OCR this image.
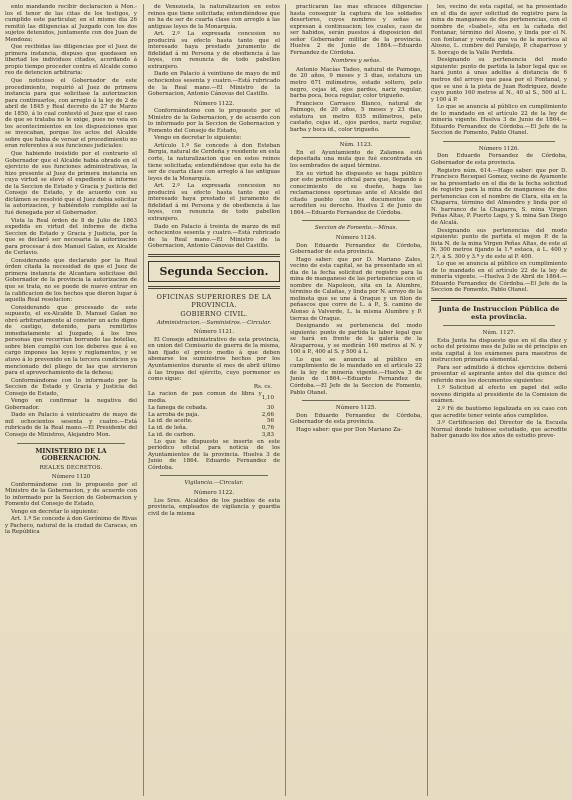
ento mandando recibir declaracion á Mon.-los el tenor de las citas de los testigos, y cumplido este particular, en el mismo dia 26 remitió las diligencias al Juzgado con los dos sujetos detenidos, juntamente con dos Juan de Mendoza;

Que recibidas las diligencias por el Juez de primera instancia, dispuso que quedasen en libertad los individuos citados, acordando á propio tiempo proceder contra el Alcalde como reo de detencion arbitraria:

Que noticioso el Gobernador de este procedimiento, requirió al Juez de primera instancia para que solicitase la autorizacion para continuarlos, con arreglo á la ley de 2 de abril de 1845 y Real decreto de 27 de Marzo de 1850, á lo cual contestó el Juez que el caso de que se trataba no le exige, pues no veia en los acontecimientos en los dispusiciones que se invocaban, porque los actos del Alcalde sobre que habia de versar el procedimiento no eran referentes á sus funciones judiciales:

Que habiendo insistido por el contrario el Gobernador que el Alcalde habia obrado en el ejercicio de sus funciones administrativas, la hizo presente al Juez de primera instancia en cuya virtud se elevó el expediente á informe de la Seccion de Estado y Gracia y Justicia del Consejo de Estado, y de acuerdo con su dictámen se resolvió que el Juez debia solicitar la autorizacion, y habiéndolo cumplido así la fué denegada por el Gobernador.

Vista la Real órden de 8 de Julio de 1863 expedida en virtud del informe de dicha Seccion de Estado y Gracia y Justicia, por la que se declaró ser necesaria la autorizacion para procesar á dos Manuel Galan, ex Alcalde de Cerlavio.

Considerando que declarado por la Real órden citada la necesidad de que el Juez de primera instancia de Alcantara solicitase del Gobernador de la provincia la autorizacion de que se trata, no se puede de nuevo entrar en la calificacion de los hechos que dieron lugar á aquella Real resolucion:

Considerando que procesado de este supuesto, el ex-Alcalde D. Manuel Galan no obró arbitrariamente al cometer un acto digno de castigo, detenido, para remitirlos inmediatamente al Juzgado, á los tres personas que recorrian borrando las botellas, sobre bien cumplió con los deberes que á su cargo impones las leyes y reglamentos, y se atuvo á lo prevenido en la tercera condicion ya mencionado del pliego de las que sirvieron para el aprovechamiento de la dehesa;

Conformándome con lo informado por la Seccion de Estado y Gracia y Justicia del Consejo de Estado,

Vengo en confirmar la negativa del Gobernador.

Dado en Palacio á veinticuatro de mayo de mil ochocientos sesenta y cuatro.—Está rubricado de la Real mano.—El Presidente del Consejo de Ministros, Alejandro Mon.

MINISTERIO DE LA GOBERNACION.

REALES DECRETOS.

Número 1120

Conformándome con lo propuesto por el Ministro de la Gobernacion, y de acuerdo con lo informado por la Seccion de Gobernacion y Fomento del Consejo de Estado,

Vengo en decretar lo siguiente:

Art. 1.º Se concede á don Gerónimo de Rivas y Pacheco, natural de la ciudad de Caracas, en la República

de Venezuela, la naturalizacion en estos reinos que tiene solicitada; entendiéndose que no ha de ser de cuarta clase con arreglo á las antiguas leyes de la Monarquía.

Art. 2.º La expresada concesion no producirá su efecto hasta tanto que el interesado haya prestado juramento de fidelidad á mi Persona y de obediencia á las leyes, con renuncia de todo pabellon extranjero.

Dado en Palacio á veintiuno de mayo de mil ochocientos sesenta y cuatro.—Está rubricado de la Real mano.—El Ministro de la Gobernacion, Antonio Cánovas del Castillo.

Número 1122.

Conformándome con lo propuesto por el Ministro de la Gobernacion, y de acuerdo con lo informado por la Seccion de Gobernacion y Fomento del Consejo de Estado,

Vengo en decretar lo siguiente:

Artículo 1.º Se concede á don Esteban Bergia, natural de Cerdeña y residente en esta corte, la naturalizacion que en estos reinos tiene solicitada; entendiéndose que esta ha de ser de cuarta clase con arreglo á las antiguas leyes de la Monarquía.

Art. 2.º La expresada concesion no producirá su efecto hasta tanto que el interesado haya prestado el juramento de fidelidad á mi Persona y de obediencia á las leyes, con renuncia de todo pabellon extranjero.

Dado en Palacio á treinta de marzo de mil ochocientos sesenta y cuatro.—Está rubricado de la Real mano.—El Ministro de la Gobernacion, Antonio Cánovas del Castillo.

Segunda Seccion.
OFICINAS SUPERIORES DE LA PROVINCIA.
GOBIERNO CIVIL.

Administracion.—Suministros.—Circular.

Número 1121.

El Consejo administrativo de esta provincia, en union del Comisario de guerra de la misma, han fijado el precio medio á que deben abonarse los suministros hechos por los Ayuntamientos durante el mes de abril último á las tropas del ejército, cuyo pormenor es como sigue:

Rs. cs.

La racion de pan comun de libra y media.	1,10
La fanega de cebada.	30
La arroba de paja.	2,66
La id. de aceite.	56
La id. de leña.	0,76
La id. de carbon.	3,83

Lo que he dispuesto se inserte en este periódico oficial para noticia de los Ayuntamientos de la provincia. Huelva 3 de Junio de 1864. Eduardo Fernandez de Córdoba.

Vigilancia.—Circular.

Número 1122.

Los Sres. Alcaldes de los pueblos de esta provincia, empleados de vigilancia y guardia civil de la misma

practicarán las mas eficaces diligencias hasta conseguir la captura de los soldados desertores, cuyos nombres y señas se expresan á continuacion; los cuales, caso de ser habidos, serán puestos á disposicion del señor Gobernador militar de la provincia. Huelva 2 de Junio de 1864.—Eduardo Fernandez de Córdoba.

Nombres y señas.

Antonio Macías Tadeo, natural de Paimogo, de 20 años, 9 meses y 3 dias, estatura un metro 671 milímetros, estado soltero, pelo negro, cejas id, ojos pardos, nariz regular, barba poca, boca regular, color trigueño.

Francisco Carrasco Blanco, natural de Paimogo, de 20 años, 5 meses y 23 dias, estatura un metro 635 milímetros, pelo castaño, cejas id., ojos pardos, nariz regular, barba y boca id., color trigueño.

Núm. 1123.

En el Ayuntamiento de Zalamea está depositada una mula que fué encontrada en los sembrados de aquel término.

En su virtud he dispuesto se haga público por este periódico oficial para que, llegando á conocimiento de su dueño, haga las reclamaciones oportunas ante el Alcalde del citado pueblo con los documentos que acrediten su derecho. Huelva 2 de Junio de 1864.—Eduardo Fernandez de Córdoba.

Seccion de Fomento.—Minas.

Número 1124.

Don Eduardo Fernandez de Córdoba, Gobernador de esta provincia.

Hago saber: que por D. Mariano Zales, vecino de esta capital, se ha presentado en el dia de la fecha solicitud de registro para la mina de manganeso de las pertenencias con el nombre de Napoleon, sita en la Alumbre, término de Calañas, y linda por N. arroyo de la molineta que se une á Oraque y un filon de peñascos que corre de L. á P., S. camino de Alonso á Valverde, L. la misma Alumbre y P. tierras de Oraque.

Designando su pertenencia del modo siguiente: punto de partida la labor legal que se hará en frente de la galería de la Alcaparrosa, y se medirán 160 metros al N. y 100 á P., 400 al S. y 500 á L.

Lo que se anuncia al público en cumplimiento de lo mandado en el artículo 22 de la ley de minería vigente.—Huelva 3 de Junio de 1864.—Eduardo Fernandez de Córdoba.—El Jefe de la Seccion de Fomento, Pablo Otanel.

Número 1125.

Don Eduardo Fernandez de Córdoba, Gobernador de esta provincia.

Hago saber: que por Don Mariano Za-

les, vecino de esta capital, se ha presentado en el dia de ayer solicitud de registro para la mina de manganeso de dos pertenencias, con el nombre de «Isabel», sita en la cañada del Fontanar, término del Alosno, y linda por el N. con fontanar y vereda que va de la morisca al Alosno, L. cumbre del Paralejo, P. chaparroso y S. horcajo de la Valle Perdida.

Designando su pertenencia del modo siguiente: punto de partida la labor legal que se hará junto á unas adelfas á distancia de 6 metros del arroyo que pasa por el Fontanal, y que se une á la pista de Juan Rodriguez, desde cuyo punto 160 metros al N., 40 al S., 500 al L. y 100 á P.

Lo que se anuncia al público en cumplimiento de lo mandado en el artículo 22 de la ley de minería vigente. Huelva 3 de Junio de 1864.—Eduardo Fernandez de Córdoba.—El Jefe de la Seccion de Fomento, Pablo Otanel.

Número 1126.

Don Eduardo Fernandez de Córdoba, Gobernador de esta provincia.

Registro núm. 614.—Hago saber: que por D. Francisco Recequel Gomez, vecino de Ayamonte se ha presentado en el dia de la fecha solicitud de registro para la mina de manganeso de dos pertenencias con el nombre de Clara, sita en la Chaparra, término del Almendro y linda por el N. barranco de la Chaparra, S. mina Virgen Peñas Altas, P. Puerto Lago, y S. mina San Diego de Alcalá.

Designando sus pertenencias del modo siguiente: punto de partida el mojon P. de la lista N. de la mina Virgen Peñas Altas, de este al N. 300 metros fijando la 1.ª estaca, á L. 400 y 2.ª, á S. 300 y 3.ª y de este al P. 400.

Lo que se anuncia al público en cumplimiento de lo mandado en el artículo 22 de la ley de minería vigente. —Huelva 3 de Abril de 1864.—Eduardo Fernandez de Córdoba.—El Jefe de la Seccion de Fomento, Pablo Otanel.

Junta de Instruccion Pública de esta provincia.

Núm. 1127.

Esta Junta ha dispuesto que en el dia diez y ocho del próximo mes de Julio se dé principio en esta capital á los exámenes para maestros de instruccion primaria elemental.

Para ser admitido á dichos ejercicios deberá presentar el aspirante antes del dia quince del referido mes los documentos siguientes:

1.º Solicitud al efecto en papel del sello noveno dirigida al presidente de la Comision de exámen.

2.º Fé de bautismo legalizada en su caso con que acredite tener veinte años cumplidos.

3.º Certificacion del Director de la Escuela Normal donde hubiese estudiado, que acredite haber ganado los dos años de estudio preve-
